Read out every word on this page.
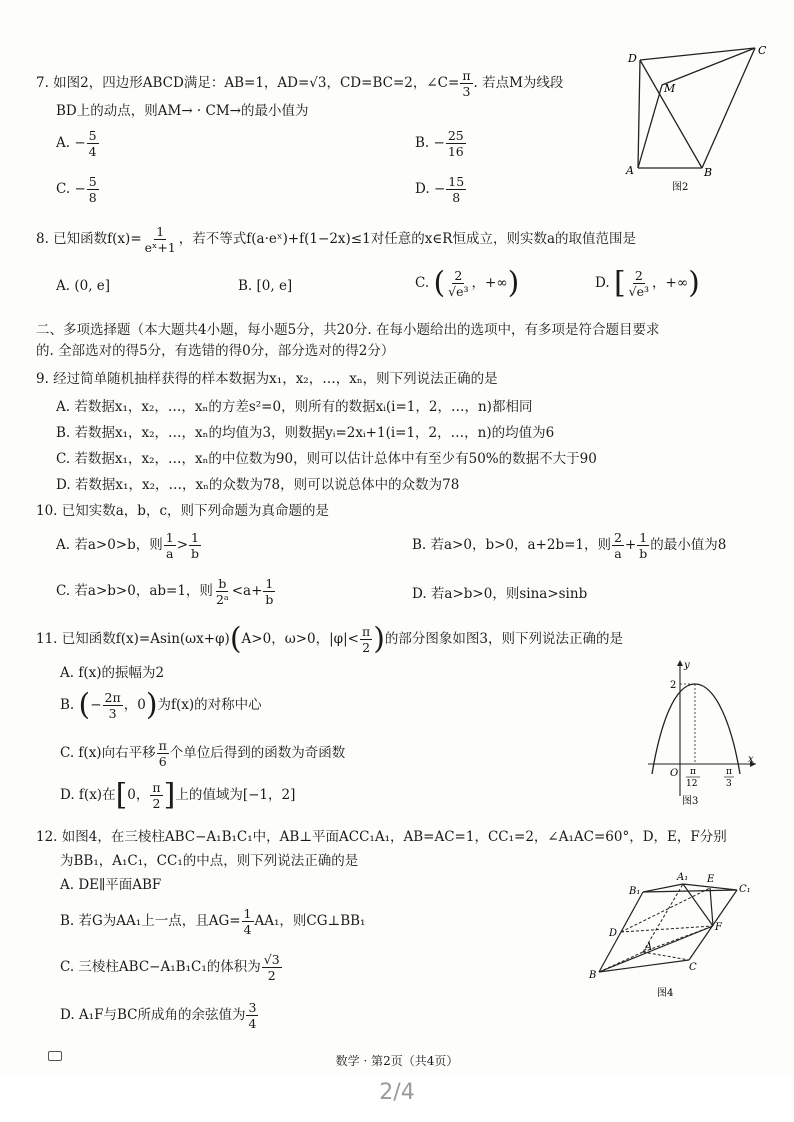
7. 如图2，四边形ABCD满足：AB=1，AD=√3，CD=BC=2，∠C= $\frac{\pi}{3}$ . 若点M为线段
BD上的动点，则AM→ · CM→的最小值为
A. − $\frac{5}{4}$	B. − $\frac{25}{16}$
C. − $\frac{5}{8}$	D. − $\frac{15}{8}$
A	B
C
D
M
图2
8. 已知函数$f(x)= \frac{1}{\text{eˣ+1}}$ ，若不等式f(a·eˣ)+f(1−2x)≤1对任意的x∈R恒成立，则实数a的取值范围是
A. (0, e]	B. [0, e]	C. ( $\frac{2}{\text{√e³}}$ ，+∞)	D. [ $\frac{2}{\text{√e³}}$ ，+∞)
二、多项选择题（本大题共4小题，每小题5分，共20分. 在每小题给出的选项中，有多项是符合题目要求
的. 全部选对的得5分，有选错的得0分，部分选对的得2分）
9. 经过简单随机抽样获得的样本数据为x₁，x₂，…，xₙ，则下列说法正确的是
A. 若数据x₁，x₂，…，xₙ的方差s²=0，则所有的数据xᵢ(i=1，2，…，n)都相同
B. 若数据x₁，x₂，…，xₙ的均值为3，则数据yᵢ=2xᵢ+1(i=1，2，…，n)的均值为6
C. 若数据x₁，x₂，…，xₙ的中位数为90，则可以估计总体中有至少有50%的数据不大于90
D. 若数据x₁，x₂，…，xₙ的众数为78，则可以说总体中的众数为78
10. 已知实数a，b，c，则下列命题为真命题的是
A. 若a>0>b，则 $\frac{1}{a} > \frac{1}{b}$	B. 若a>0，b>0，a+2b=1，则 $\frac{2}{a} + \frac{1}{b}$ 的最小值为8
C. 若a>b>0，ab=1，则 $\frac{b}{\text{2ᵃ}} <a+ \frac{1}{b}$	D. 若a>b>0，则sina>sinb
11. 已知函数f(x)=Asin(ωx+φ)(A>0，ω>0，$|\varphi|< \frac{\pi}{2}$ )的部分图象如图3，则下列说法正确的是
A. f(x)的振幅为2
B. (− $\frac{2\pi}{3}$ ，0)为f(x)的对称中心
C. f(x)向右平移 $\frac{\pi}{6}$ 个单位后得到的函数为奇函数
D. f(x)在[0， $\frac{\pi}{2}$ ]上的值域为[−1，2]
y
x
O
2
π
12
π
3
图3
12. 如图4，在三棱柱ABC−A₁B₁C₁中，AB⊥平面ACC₁A₁，AB=AC=1，CC₁=2，∠A₁AC=60°，D，E，F分别
为BB₁，A₁C₁，CC₁的中点，则下列说法正确的是
A. DE∥平面ABF
B. 若G为AA₁上一点，且$AG= \frac{1}{4} AA_1$，则CG⊥BB₁
C. 三棱柱ABC−A₁B₁C₁的体积为 $\frac{√3}{2}$
D. A₁F与BC所成角的余弦值为 $\frac{3}{4}$
B₁
A₁ E
C₁
D
F
A
B
C
图4
数学 · 第2页（共4页）
2/4
